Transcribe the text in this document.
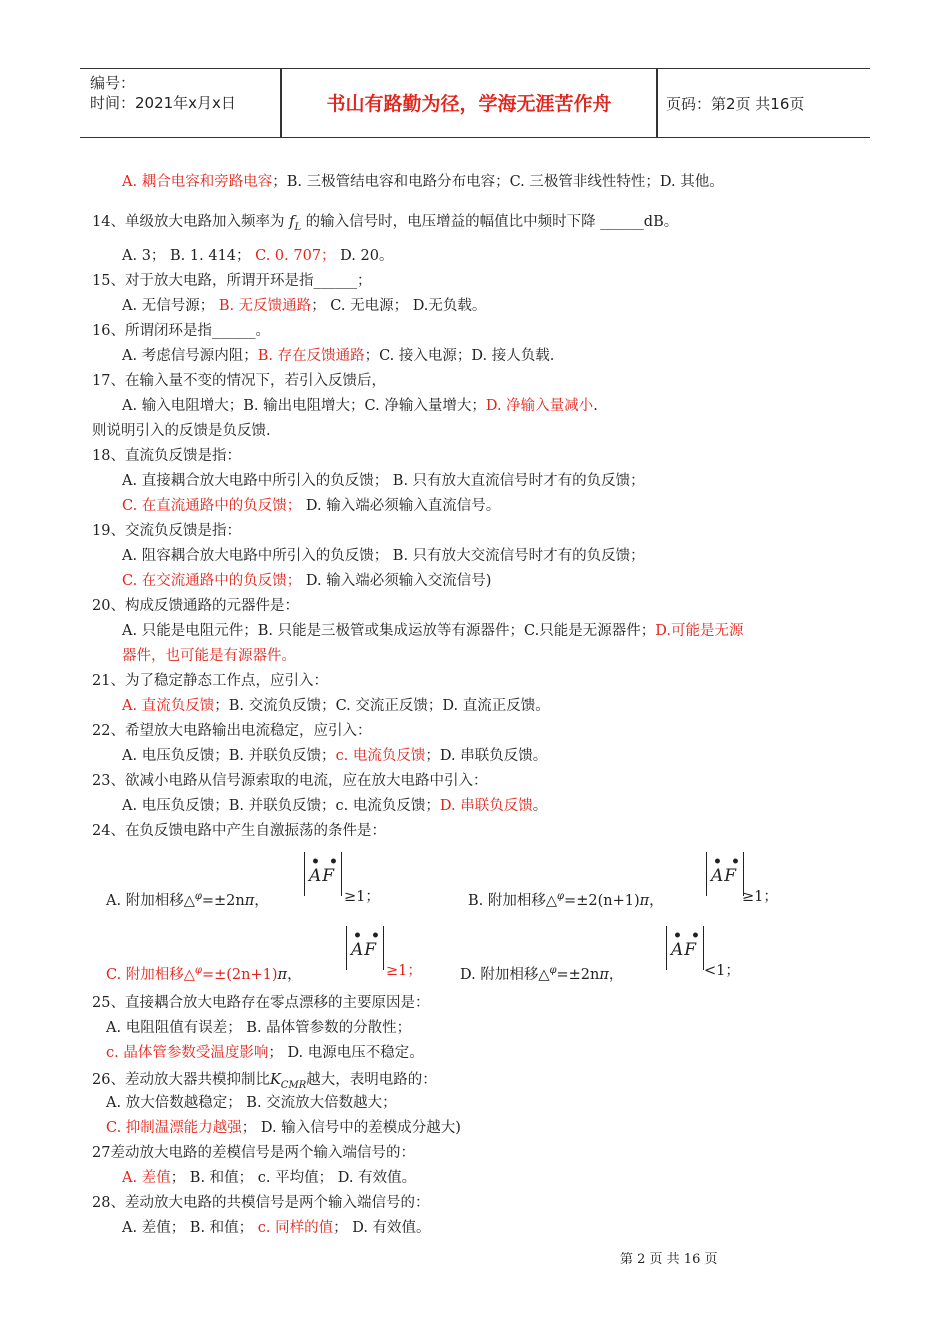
编号：
时间：2021年x月x日	书山有路勤为径，学海无涯苦作舟	页码：第2页 共16页
A. 耦合电容和旁路电容；B. 三极管结电容和电路分布电容；C. 三极管非线性特性；D. 其他。
14、单级放大电路加入频率为 $f_L$ 的输入信号时，电压增益的幅值比中频时下降 ______dB。
A. 3； B. 1. 414； C. 0. 707； D. 20。
15、对于放大电路，所谓开环是指______；
A. 无信号源； B. 无反馈通路； C. 无电源； D.无负载。
16、所谓闭环是指______。
A. 考虑信号源内阻；B. 存在反馈通路；C. 接入电源；D. 接人负载.
17、在输入量不变的情况下，若引入反馈后，
A. 输入电阻增大；B. 输出电阻增大；C. 净输入量增大；D. 净输入量减小.
则说明引入的反馈是负反馈.
18、直流负反馈是指：
A. 直接耦合放大电路中所引入的负反馈； B. 只有放大直流信号时才有的负反馈；
C. 在直流通路中的负反馈； D. 输入端必须输入直流信号。
19、交流负反馈是指：
A. 阻容耦合放大电路中所引入的负反馈； B. 只有放大交流信号时才有的负反馈；
C. 在交流通路中的负反馈； D. 输入端必须输入交流信号)
20、构成反馈通路的元器件是：
A. 只能是电阻元件；B. 只能是三极管或集成运放等有源器件；C.只能是无源器件；D.可能是无源
器件，也可能是有源器件。
21、为了稳定静态工作点，应引入：
A. 直流负反馈；B. 交流负反馈；C. 交流正反馈；D. 直流正反馈。
22、希望放大电路输出电流稳定，应引入：
A. 电压负反馈；B. 并联负反馈；c. 电流负反馈；D. 串联负反馈。
23、欲减小电路从信号源索取的电流，应在放大电路中引入：
A. 电压负反馈；B. 并联负反馈；c. 电流负反馈；D. 串联负反馈。
24、在负反馈电路中产生自激振荡的条件是：
A. 附加相移△$^\varphi$=±2nπ，	≥1；	B. 附加相移△$^\varphi$=±2(n+1)π，	≥1；
C. 附加相移△$^\varphi$=±(2n+1)π，	≥1；	D. 附加相移△$^\varphi$=±2nπ，	<1；
25、直接耦合放大电路存在零点漂移的主要原因是：
A. 电阻阻值有误差； B. 晶体管参数的分散性；
c. 晶体管参数受温度影响； D. 电源电压不稳定。
26、差动放大器共模抑制比$K_{CMR}$越大，表明电路的：
A. 放大倍数越稳定； B. 交流放大倍数越大；
C. 抑制温漂能力越强； D. 输入信号中的差模成分越大)
27差动放大电路的差模信号是两个输入端信号的：
A. 差值； B. 和值； c. 平均值； D. 有效值。
28、差动放大电路的共模信号是两个输入端信号的：
A. 差值； B. 和值； c. 同样的值； D. 有效值。
••
AF
••
AF
••
AF
••
AF
第 2 页 共 16 页
